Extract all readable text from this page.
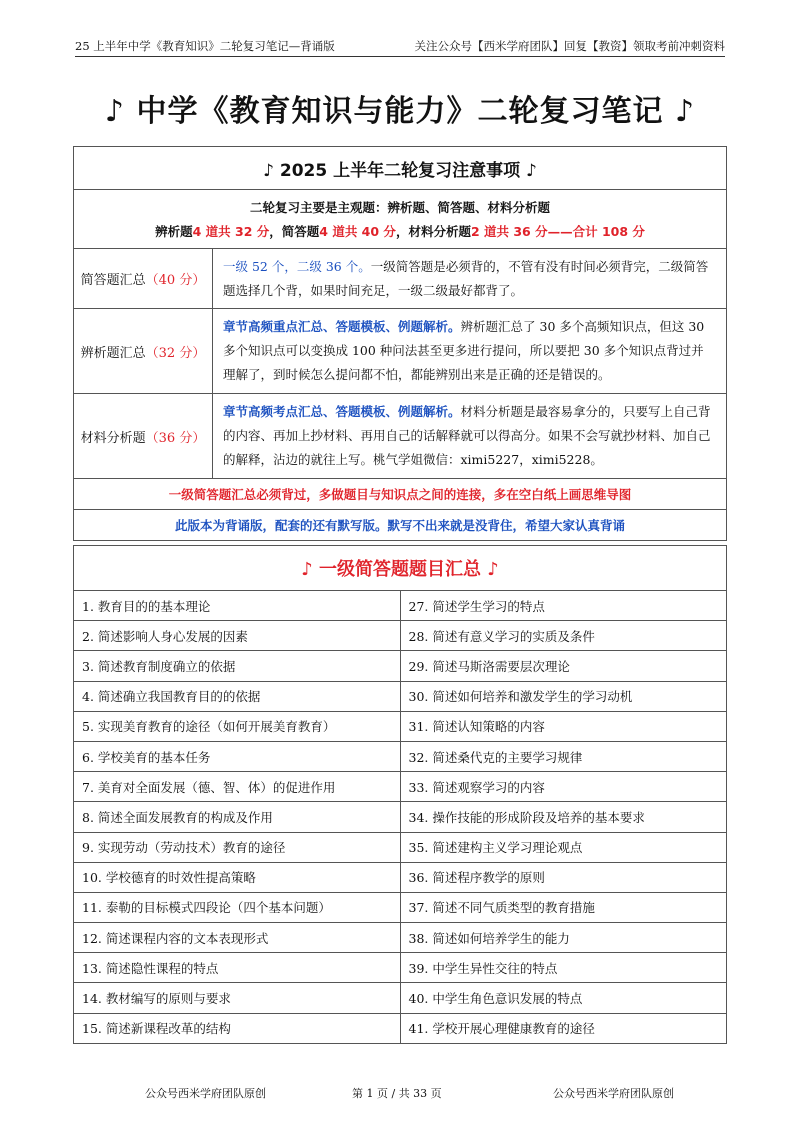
25 上半年中学《教育知识》二轮复习笔记—背诵版	关注公众号【西米学府团队】回复【教资】领取考前冲刺资料
♪ 中学《教育知识与能力》二轮复习笔记 ♪
♪ 2025 上半年二轮复习注意事项 ♪	

二轮复习主要是主观题：辨析题、简答题、材料分析题
辨析题4 道共 32 分，简答题4 道共 40 分，材料分析题2 道共 36 分——合计 108 分	

简答题汇总（40 分）	一级 52 个，二级 36 个。一级简答题是必须背的，不管有没有时间必须背完，二级简答题选择几个背，如果时间充足，一级二级最好都背了。
辨析题汇总（32 分）	章节高频重点汇总、答题模板、例题解析。辨析题汇总了 30 多个高频知识点，但这 30 多个知识点可以变换成 100 种问法甚至更多进行提问，所以要把 30 多个知识点背过并理解了，到时候怎么提问都不怕，都能辨别出来是正确的还是错误的。
材料分析题（36 分）	章节高频考点汇总、答题模板、例题解析。材料分析题是最容易拿分的，只要写上自己背的内容、再加上抄材料、再用自己的话解释就可以得高分。如果不会写就抄材料、加自己的解释，沾边的就往上写。桃气学姐微信：ximi5227，ximi5228。
一级简答题汇总必须背过，多做题目与知识点之间的连接，多在空白纸上画思维导图	
此版本为背诵版，配套的还有默写版。默写不出来就是没背住，希望大家认真背诵	
♪ 一级简答题题目汇总 ♪	
1. 教育目的的基本理论	27. 简述学生学习的特点
2. 简述影响人身心发展的因素	28. 简述有意义学习的实质及条件
3. 简述教育制度确立的依据	29. 简述马斯洛需要层次理论
4. 简述确立我国教育目的的依据	30. 简述如何培养和激发学生的学习动机
5. 实现美育教育的途径（如何开展美育教育）	31. 简述认知策略的内容
6. 学校美育的基本任务	32. 简述桑代克的主要学习规律
7. 美育对全面发展（德、智、体）的促进作用	33. 简述观察学习的内容
8. 简述全面发展教育的构成及作用	34. 操作技能的形成阶段及培养的基本要求
9. 实现劳动（劳动技术）教育的途径	35. 简述建构主义学习理论观点
10. 学校德育的时效性提高策略	36. 简述程序教学的原则
11. 泰勒的目标模式四段论（四个基本问题）	37. 简述不同气质类型的教育措施
12. 简述课程内容的文本表现形式	38. 简述如何培养学生的能力
13. 简述隐性课程的特点	39. 中学生异性交往的特点
14. 教材编写的原则与要求	40. 中学生角色意识发展的特点
15. 简述新课程改革的结构	41. 学校开展心理健康教育的途径
公众号西米学府团队原创	第 1 页 / 共 33 页	公众号西米学府团队原创
